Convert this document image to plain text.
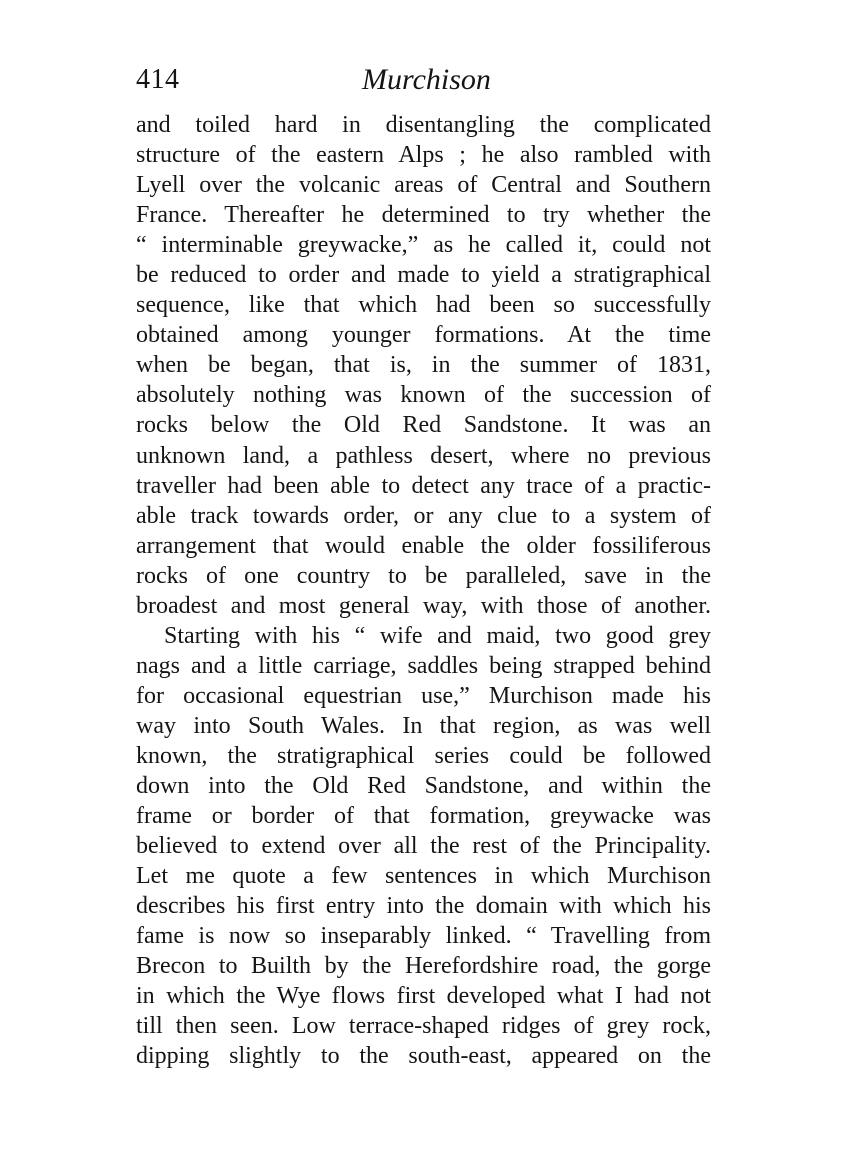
414	Murchison
and toiled hard in disentangling the complicated
structure of the eastern Alps ; he also rambled with
Lyell over the volcanic areas of Central and Southern
France. Thereafter he determined to try whether the
“ interminable greywacke,” as he called it, could not
be reduced to order and made to yield a stratigraphical
sequence, like that which had been so successfully
obtained among younger formations. At the time
when be began, that is, in the summer of 1831,
absolutely nothing was known of the succession of
rocks below the Old Red Sandstone. It was an
unknown land, a pathless desert, where no previous
traveller had been able to detect any trace of a practic-
able track towards order, or any clue to a system of
arrangement that would enable the older fossiliferous
rocks of one country to be paralleled, save in the
broadest and most general way, with those of another.
Starting with his “ wife and maid, two good grey
nags and a little carriage, saddles being strapped behind
for occasional equestrian use,” Murchison made his
way into South Wales. In that region, as was well
known, the stratigraphical series could be followed
down into the Old Red Sandstone, and within the
frame or border of that formation, greywacke was
believed to extend over all the rest of the Principality.
Let me quote a few sentences in which Murchison
describes his first entry into the domain with which his
fame is now so inseparably linked. “ Travelling from
Brecon to Builth by the Herefordshire road, the gorge
in which the Wye flows first developed what I had not
till then seen. Low terrace-shaped ridges of grey rock,
dipping slightly to the south-east, appeared on the
